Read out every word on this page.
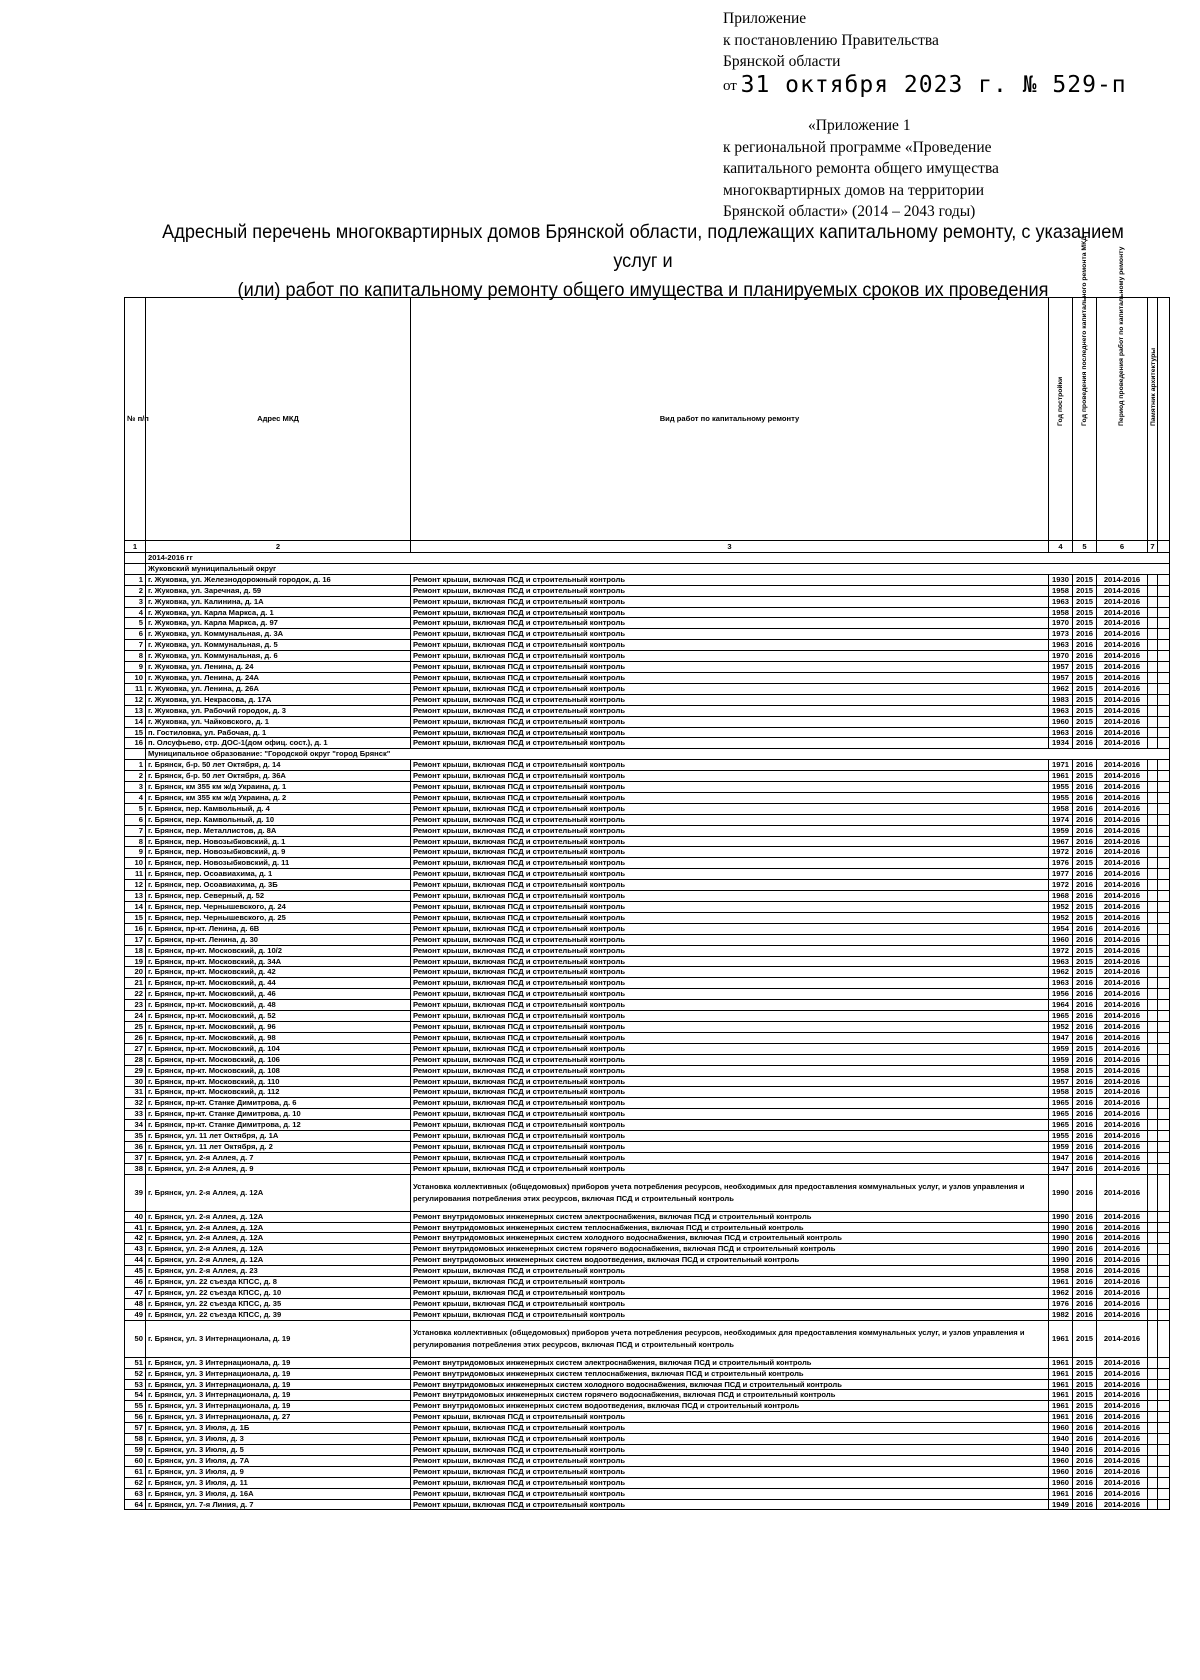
Приложение
к постановлению Правительства
Брянской области
от 31 октября 2023 г. № 529-п
«Приложение 1
к региональной программе «Проведение
капитального ремонта общего имущества
многоквартирных домов на территории
Брянской области» (2014 – 2043 годы)
Адресный перечень многоквартирных домов Брянской области, подлежащих капитальному ремонту, с указанием услуг и
(или) работ по капитальному ремонту общего имущества и планируемых сроков их проведения
№ п/п	Адрес МКД	Вид работ по капитальному ремонту	Год постройки	Год проведения последнего капитального ремонта МКД	Период проведения работ по капитальному ремонту	Памятник архитектуры	
1	2	3	4	5	6	7	
	2014-2016 гг						
	Жуковский муниципальный округ						
1	г. Жуковка, ул. Железнодорожный городок, д. 16	Ремонт крыши, включая ПСД и строительный контроль	1930	2015	2014-2016		
2	г. Жуковка, ул. Заречная, д. 59	Ремонт крыши, включая ПСД и строительный контроль	1958	2015	2014-2016		
3	г. Жуковка, ул. Калинина, д. 1А	Ремонт крыши, включая ПСД и строительный контроль	1963	2015	2014-2016		
4	г. Жуковка, ул. Карла Маркса, д. 1	Ремонт крыши, включая ПСД и строительный контроль	1958	2015	2014-2016		
5	г. Жуковка, ул. Карла Маркса, д. 97	Ремонт крыши, включая ПСД и строительный контроль	1970	2015	2014-2016		
6	г. Жуковка, ул. Коммунальная, д. 3А	Ремонт крыши, включая ПСД и строительный контроль	1973	2016	2014-2016		
7	г. Жуковка, ул. Коммунальная, д. 5	Ремонт крыши, включая ПСД и строительный контроль	1963	2016	2014-2016		
8	г. Жуковка, ул. Коммунальная, д. 6	Ремонт крыши, включая ПСД и строительный контроль	1970	2016	2014-2016		
9	г. Жуковка, ул. Ленина, д. 24	Ремонт крыши, включая ПСД и строительный контроль	1957	2015	2014-2016		
10	г. Жуковка, ул. Ленина, д. 24А	Ремонт крыши, включая ПСД и строительный контроль	1957	2015	2014-2016		
11	г. Жуковка, ул. Ленина, д. 26А	Ремонт крыши, включая ПСД и строительный контроль	1962	2015	2014-2016		
12	г. Жуковка, ул. Некрасова, д. 17А	Ремонт крыши, включая ПСД и строительный контроль	1983	2015	2014-2016		
13	г. Жуковка, ул. Рабочий городок, д. 3	Ремонт крыши, включая ПСД и строительный контроль	1963	2015	2014-2016		
14	г. Жуковка, ул. Чайковского, д. 1	Ремонт крыши, включая ПСД и строительный контроль	1960	2015	2014-2016		
15	п. Гостиловка, ул. Рабочая, д. 1	Ремонт крыши, включая ПСД и строительный контроль	1963	2016	2014-2016		
16	п. Олсуфьево, стр. ДОС-1(дом офиц. сост.), д. 1	Ремонт крыши, включая ПСД и строительный контроль	1934	2016	2014-2016		
	Муниципальное образование: "Городской округ "город Брянск"						
1	г. Брянск, б-р. 50 лет Октября, д. 14	Ремонт крыши, включая ПСД и строительный контроль	1971	2016	2014-2016		
2	г. Брянск, б-р. 50 лет Октября, д. 36А	Ремонт крыши, включая ПСД и строительный контроль	1961	2015	2014-2016		
3	г. Брянск, км 355 км ж/д Украина, д. 1	Ремонт крыши, включая ПСД и строительный контроль	1955	2016	2014-2016		
4	г. Брянск, км 355 км ж/д Украина, д. 2	Ремонт крыши, включая ПСД и строительный контроль	1955	2016	2014-2016		
5	г. Брянск, пер. Камвольный, д. 4	Ремонт крыши, включая ПСД и строительный контроль	1958	2016	2014-2016		
6	г. Брянск, пер. Камвольный, д. 10	Ремонт крыши, включая ПСД и строительный контроль	1974	2016	2014-2016		
7	г. Брянск, пер. Металлистов, д. 8А	Ремонт крыши, включая ПСД и строительный контроль	1959	2016	2014-2016		
8	г. Брянск, пер. Новозыбковский, д. 1	Ремонт крыши, включая ПСД и строительный контроль	1967	2016	2014-2016		
9	г. Брянск, пер. Новозыбковский, д. 9	Ремонт крыши, включая ПСД и строительный контроль	1972	2016	2014-2016		
10	г. Брянск, пер. Новозыбковский, д. 11	Ремонт крыши, включая ПСД и строительный контроль	1976	2015	2014-2016		
11	г. Брянск, пер. Осоавиахима, д. 1	Ремонт крыши, включая ПСД и строительный контроль	1977	2016	2014-2016		
12	г. Брянск, пер. Осоавиахима, д. 3Б	Ремонт крыши, включая ПСД и строительный контроль	1972	2016	2014-2016		
13	г. Брянск, пер. Северный, д. 52	Ремонт крыши, включая ПСД и строительный контроль	1968	2016	2014-2016		
14	г. Брянск, пер. Чернышевского, д. 24	Ремонт крыши, включая ПСД и строительный контроль	1952	2015	2014-2016		
15	г. Брянск, пер. Чернышевского, д. 25	Ремонт крыши, включая ПСД и строительный контроль	1952	2015	2014-2016		
16	г. Брянск, пр-кт. Ленина, д. 6В	Ремонт крыши, включая ПСД и строительный контроль	1954	2016	2014-2016		
17	г. Брянск, пр-кт. Ленина, д. 30	Ремонт крыши, включая ПСД и строительный контроль	1960	2016	2014-2016		
18	г. Брянск, пр-кт. Московский, д. 10/2	Ремонт крыши, включая ПСД и строительный контроль	1972	2015	2014-2016		
19	г. Брянск, пр-кт. Московский, д. 34А	Ремонт крыши, включая ПСД и строительный контроль	1963	2015	2014-2016		
20	г. Брянск, пр-кт. Московский, д. 42	Ремонт крыши, включая ПСД и строительный контроль	1962	2015	2014-2016		
21	г. Брянск, пр-кт. Московский, д. 44	Ремонт крыши, включая ПСД и строительный контроль	1963	2016	2014-2016		
22	г. Брянск, пр-кт. Московский, д. 46	Ремонт крыши, включая ПСД и строительный контроль	1956	2016	2014-2016		
23	г. Брянск, пр-кт. Московский, д. 48	Ремонт крыши, включая ПСД и строительный контроль	1964	2016	2014-2016		
24	г. Брянск, пр-кт. Московский, д. 52	Ремонт крыши, включая ПСД и строительный контроль	1965	2016	2014-2016		
25	г. Брянск, пр-кт. Московский, д. 96	Ремонт крыши, включая ПСД и строительный контроль	1952	2016	2014-2016		
26	г. Брянск, пр-кт. Московский, д. 98	Ремонт крыши, включая ПСД и строительный контроль	1947	2016	2014-2016		
27	г. Брянск, пр-кт. Московский, д. 104	Ремонт крыши, включая ПСД и строительный контроль	1959	2015	2014-2016		
28	г. Брянск, пр-кт. Московский, д. 106	Ремонт крыши, включая ПСД и строительный контроль	1959	2016	2014-2016		
29	г. Брянск, пр-кт. Московский, д. 108	Ремонт крыши, включая ПСД и строительный контроль	1958	2015	2014-2016		
30	г. Брянск, пр-кт. Московский, д. 110	Ремонт крыши, включая ПСД и строительный контроль	1957	2016	2014-2016		
31	г. Брянск, пр-кт. Московский, д. 112	Ремонт крыши, включая ПСД и строительный контроль	1958	2015	2014-2016		
32	г. Брянск, пр-кт. Станке Димитрова, д. 6	Ремонт крыши, включая ПСД и строительный контроль	1965	2016	2014-2016		
33	г. Брянск, пр-кт. Станке Димитрова, д. 10	Ремонт крыши, включая ПСД и строительный контроль	1965	2016	2014-2016		
34	г. Брянск, пр-кт. Станке Димитрова, д. 12	Ремонт крыши, включая ПСД и строительный контроль	1965	2016	2014-2016		
35	г. Брянск, ул. 11 лет Октября, д. 1А	Ремонт крыши, включая ПСД и строительный контроль	1955	2016	2014-2016		
36	г. Брянск, ул. 11 лет Октября, д. 2	Ремонт крыши, включая ПСД и строительный контроль	1959	2016	2014-2016		
37	г. Брянск, ул. 2-я Аллея, д. 7	Ремонт крыши, включая ПСД и строительный контроль	1947	2016	2014-2016		
38	г. Брянск, ул. 2-я Аллея, д. 9	Ремонт крыши, включая ПСД и строительный контроль	1947	2016	2014-2016		
39	г. Брянск, ул. 2-я Аллея, д. 12А	Установка коллективных (общедомовых) приборов учета потребления ресурсов, необходимых для предоставления коммунальных услуг, и узлов управления и регулирования потребления этих ресурсов, включая ПСД и строительный контроль	1990	2016	2014-2016		
40	г. Брянск, ул. 2-я Аллея, д. 12А	Ремонт внутридомовых инженерных систем электроснабжения, включая ПСД и строительный контроль	1990	2016	2014-2016		
41	г. Брянск, ул. 2-я Аллея, д. 12А	Ремонт внутридомовых инженерных систем теплоснабжения, включая ПСД и строительный контроль	1990	2016	2014-2016		
42	г. Брянск, ул. 2-я Аллея, д. 12А	Ремонт внутридомовых инженерных систем холодного водоснабжения, включая ПСД и строительный контроль	1990	2016	2014-2016		
43	г. Брянск, ул. 2-я Аллея, д. 12А	Ремонт внутридомовых инженерных систем горячего водоснабжения, включая ПСД и строительный контроль	1990	2016	2014-2016		
44	г. Брянск, ул. 2-я Аллея, д. 12А	Ремонт внутридомовых инженерных систем водоотведения, включая ПСД и строительный контроль	1990	2016	2014-2016		
45	г. Брянск, ул. 2-я Аллея, д. 23	Ремонт крыши, включая ПСД и строительный контроль	1958	2016	2014-2016		
46	г. Брянск, ул. 22 съезда КПСС, д. 8	Ремонт крыши, включая ПСД и строительный контроль	1961	2016	2014-2016		
47	г. Брянск, ул. 22 съезда КПСС, д. 10	Ремонт крыши, включая ПСД и строительный контроль	1962	2016	2014-2016		
48	г. Брянск, ул. 22 съезда КПСС, д. 35	Ремонт крыши, включая ПСД и строительный контроль	1976	2016	2014-2016		
49	г. Брянск, ул. 22 съезда КПСС, д. 39	Ремонт крыши, включая ПСД и строительный контроль	1982	2016	2014-2016		
50	г. Брянск, ул. 3 Интернационала, д. 19	Установка коллективных (общедомовых) приборов учета потребления ресурсов, необходимых для предоставления коммунальных услуг, и узлов управления и регулирования потребления этих ресурсов, включая ПСД и строительный контроль	1961	2015	2014-2016		
51	г. Брянск, ул. 3 Интернационала, д. 19	Ремонт внутридомовых инженерных систем электроснабжения, включая ПСД и строительный контроль	1961	2015	2014-2016		
52	г. Брянск, ул. 3 Интернационала, д. 19	Ремонт внутридомовых инженерных систем теплоснабжения, включая ПСД и строительный контроль	1961	2015	2014-2016		
53	г. Брянск, ул. 3 Интернационала, д. 19	Ремонт внутридомовых инженерных систем холодного водоснабжения, включая ПСД и строительный контроль	1961	2015	2014-2016		
54	г. Брянск, ул. 3 Интернационала, д. 19	Ремонт внутридомовых инженерных систем горячего водоснабжения, включая ПСД и строительный контроль	1961	2015	2014-2016		
55	г. Брянск, ул. 3 Интернационала, д. 19	Ремонт внутридомовых инженерных систем водоотведения, включая ПСД и строительный контроль	1961	2015	2014-2016		
56	г. Брянск, ул. 3 Интернационала, д. 27	Ремонт крыши, включая ПСД и строительный контроль	1961	2016	2014-2016		
57	г. Брянск, ул. 3 Июля, д. 1Б	Ремонт крыши, включая ПСД и строительный контроль	1960	2016	2014-2016		
58	г. Брянск, ул. 3 Июля, д. 3	Ремонт крыши, включая ПСД и строительный контроль	1940	2016	2014-2016		
59	г. Брянск, ул. 3 Июля, д. 5	Ремонт крыши, включая ПСД и строительный контроль	1940	2016	2014-2016		
60	г. Брянск, ул. 3 Июля, д. 7А	Ремонт крыши, включая ПСД и строительный контроль	1960	2016	2014-2016		
61	г. Брянск, ул. 3 Июля, д. 9	Ремонт крыши, включая ПСД и строительный контроль	1960	2016	2014-2016		
62	г. Брянск, ул. 3 Июля, д. 11	Ремонт крыши, включая ПСД и строительный контроль	1960	2016	2014-2016		
63	г. Брянск, ул. 3 Июля, д. 16А	Ремонт крыши, включая ПСД и строительный контроль	1961	2016	2014-2016		
64	г. Брянск, ул. 7-я Линия, д. 7	Ремонт крыши, включая ПСД и строительный контроль	1949	2016	2014-2016		
